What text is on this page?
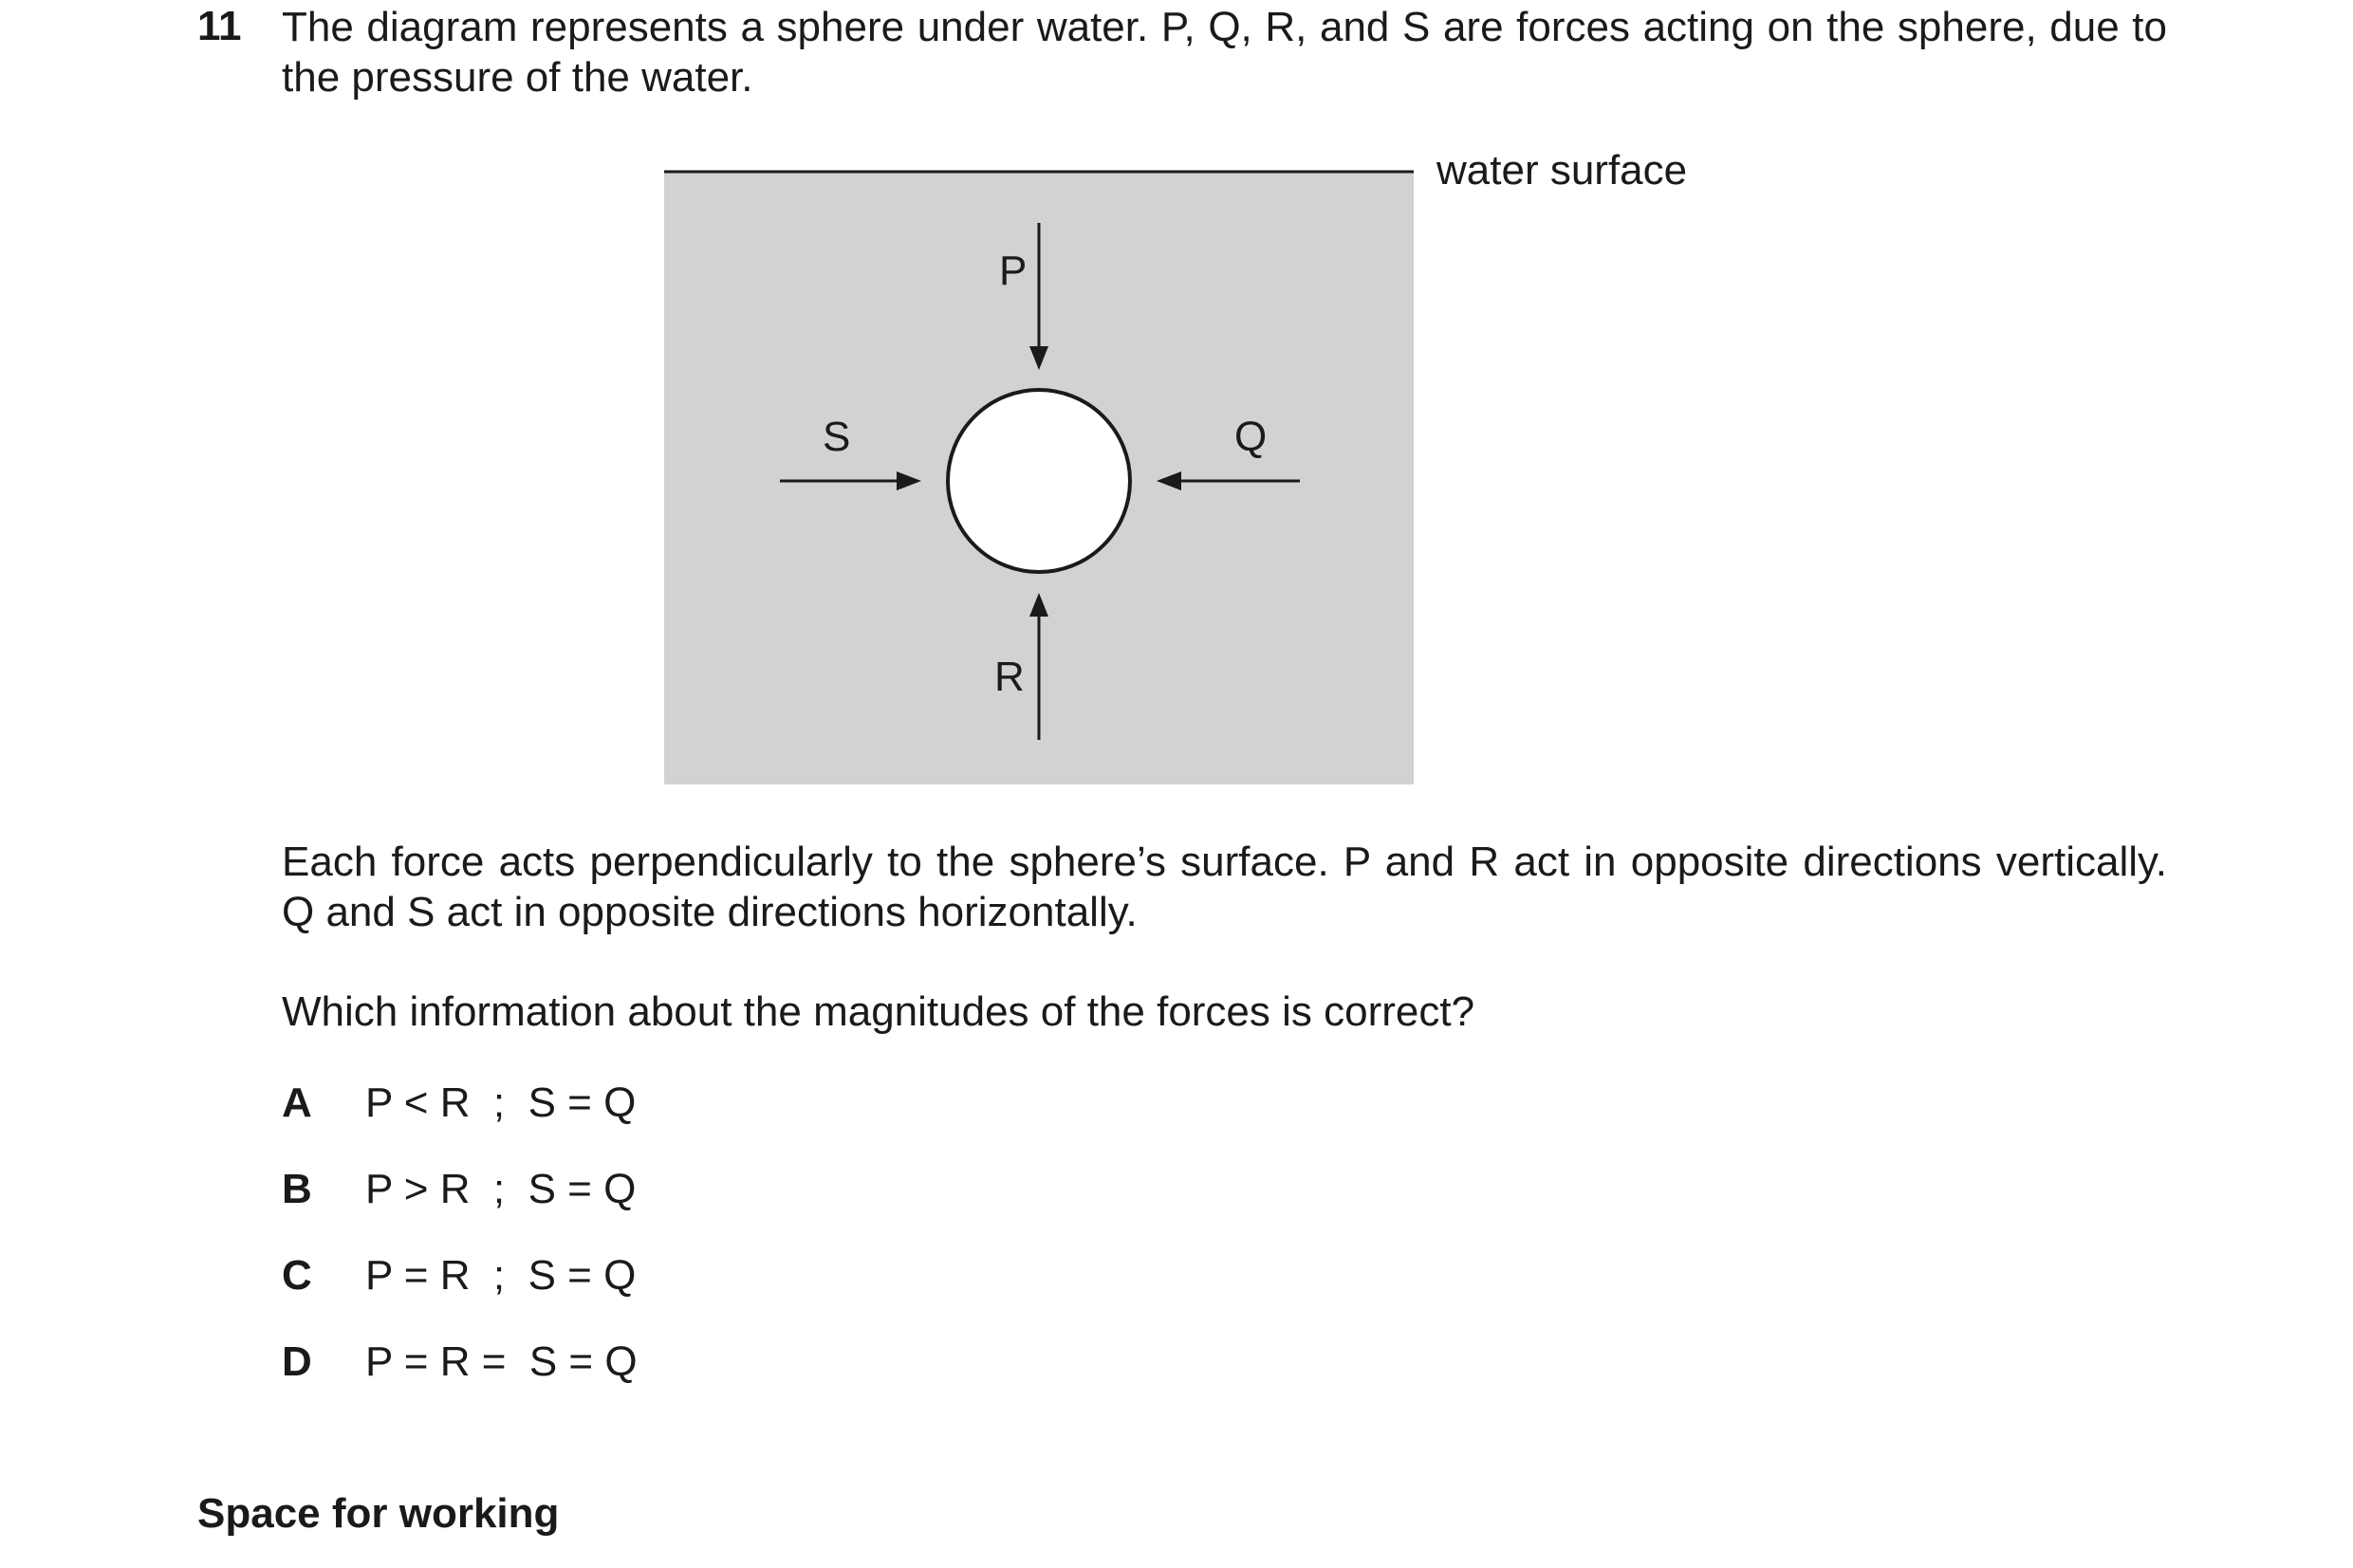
11 The diagram represents a sphere under water. P, Q, R, and S are forces acting on the sphere, due to the pressure of the water.
water surface
P
R
S	Q
Each force acts perpendicularly to the sphere’s surface. P and R act in opposite directions vertically. Q and S act in opposite directions horizontally.
Which information about the magnitudes of the forces is correct?
A P < R  ;  S = Q
B P > R  ;  S = Q
C P = R  ;  S = Q
D P = R =  S = Q
Space for working
